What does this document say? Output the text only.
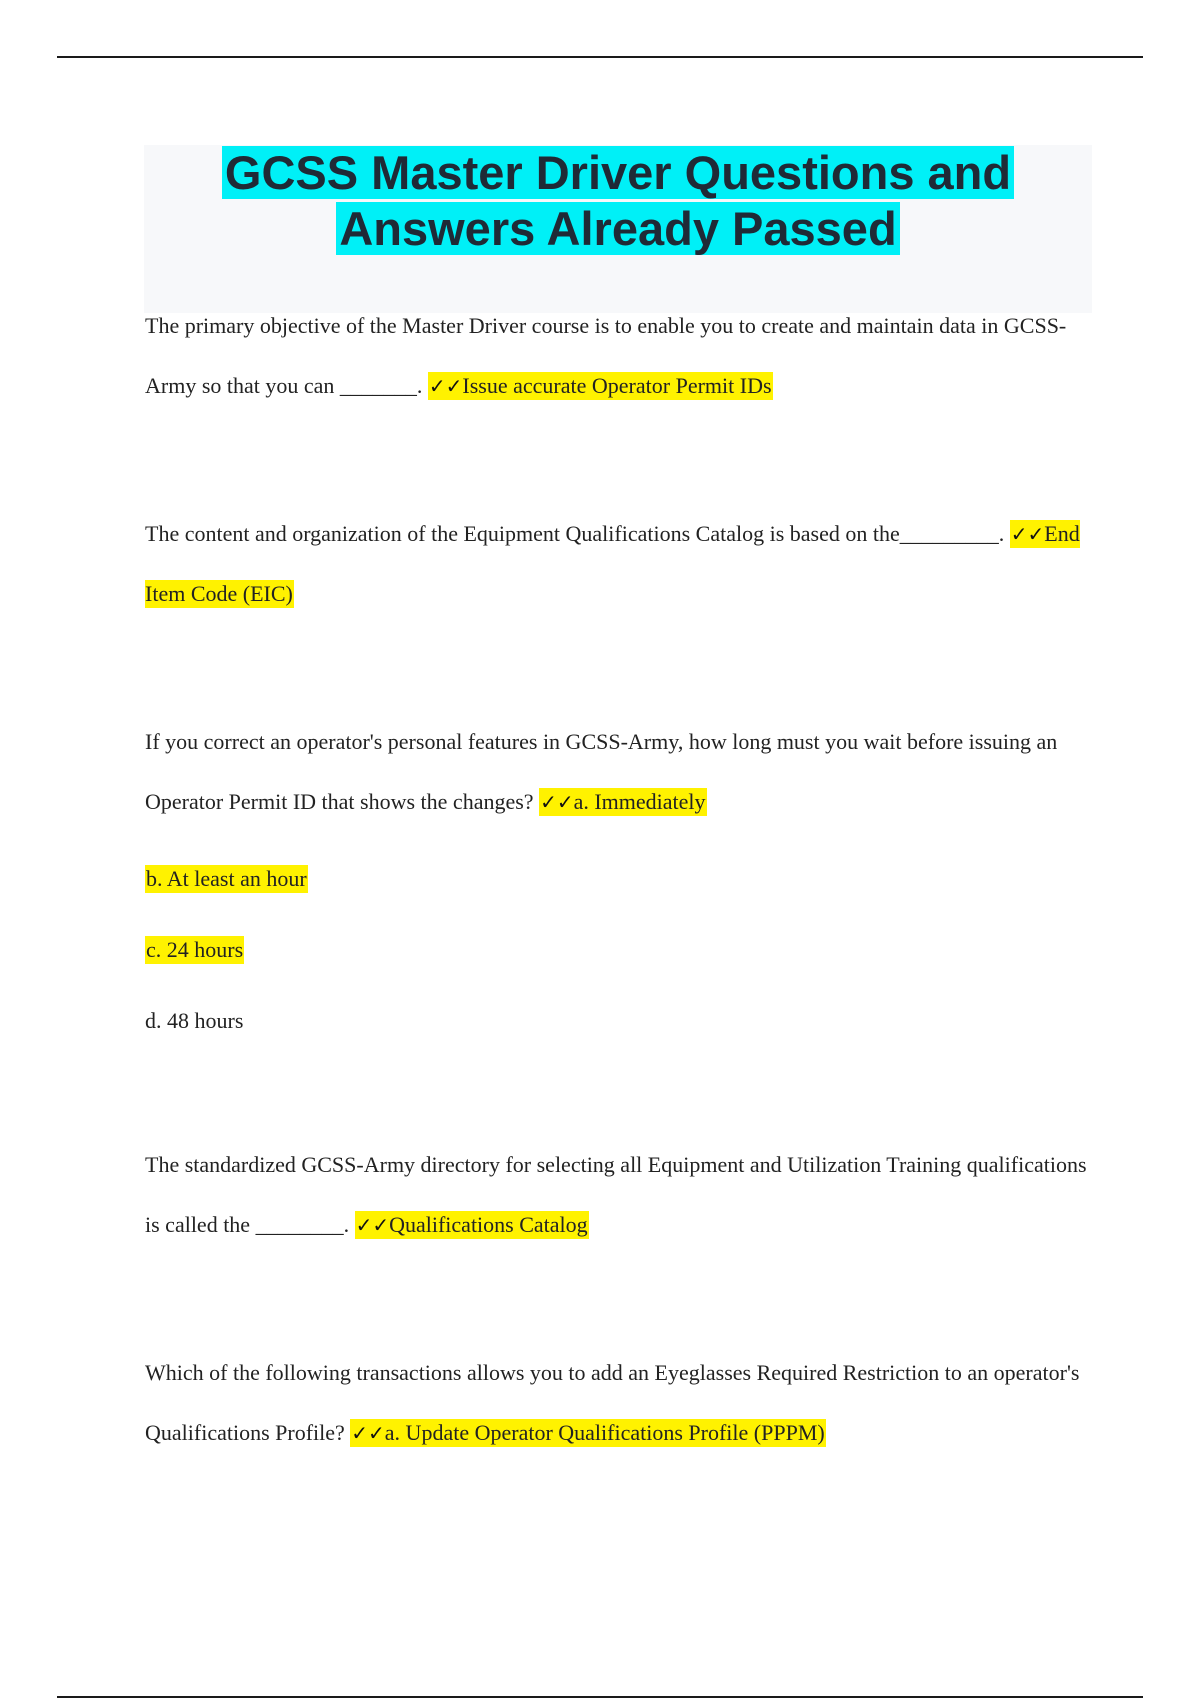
GCSS Master Driver Questions and
Answers Already Passed

The primary objective of the Master Driver course is to enable you to create and maintain data in GCSS-Army so that you can _______. ✓✓Issue accurate Operator Permit IDs

The content and organization of the Equipment Qualifications Catalog is based on the_________. ✓✓End Item Code (EIC)

If you correct an operator's personal features in GCSS-Army, how long must you wait before issuing an Operator Permit ID that shows the changes? ✓✓a. Immediately

b. At least an hour

c. 24 hours

d. 48 hours

The standardized GCSS-Army directory for selecting all Equipment and Utilization Training qualifications is called the ________. ✓✓Qualifications Catalog

Which of the following transactions allows you to add an Eyeglasses Required Restriction to an operator's Qualifications Profile? ✓✓a. Update Operator Qualifications Profile (PPPM)
